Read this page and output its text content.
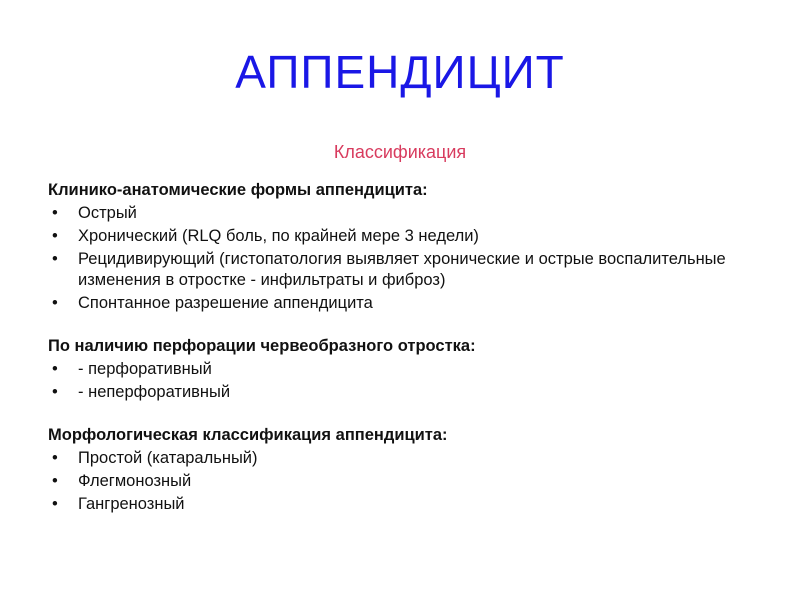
АППЕНДИЦИТ
Классификация
Клинико-анатомические формы аппендицита:
• Острый
• Хронический (RLQ боль, по крайней мере 3 недели)
• Рецидивирующий (гистопатология выявляет хронические и острые воспалительные изменения в отростке - инфильтраты и фиброз)
• Спонтанное разрешение аппендицита
По наличию перфорации червеобразного отростка:
• - перфоративный
• - неперфоративный
Морфологическая классификация аппендицита:
• Простой (катаральный)
• Флегмонозный
• Гангренозный
